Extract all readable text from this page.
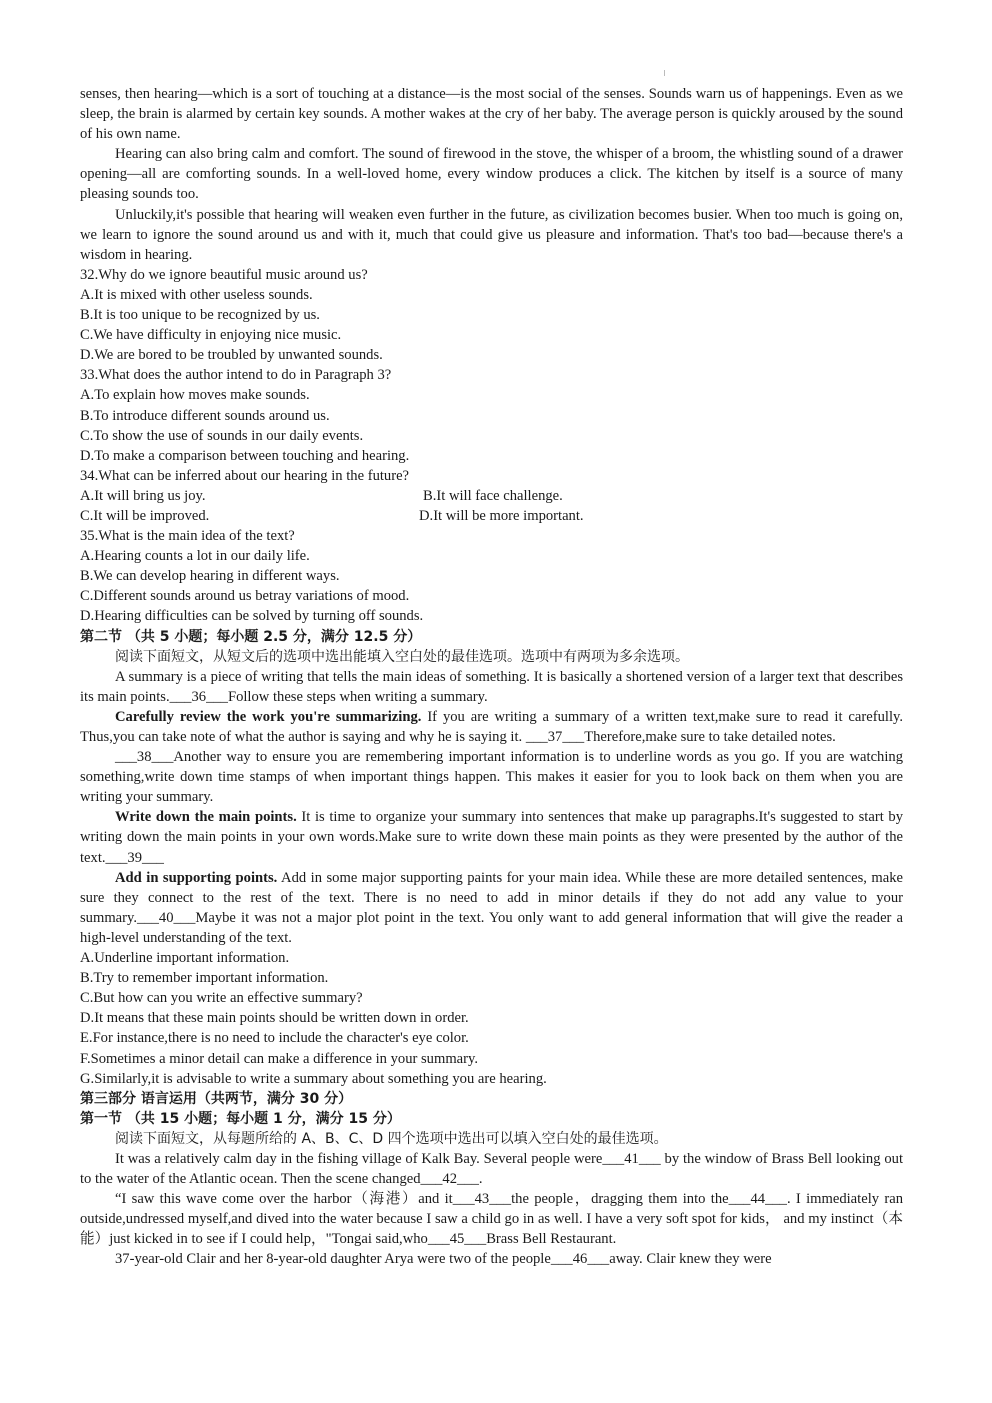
senses, then hearing—which is a sort of touching at a distance—is the most social of the senses. Sounds warn us of happenings. Even as we sleep, the brain is alarmed by certain key sounds. A mother wakes at the cry of her baby. The average person is quickly aroused by the sound of his own name.

Hearing can also bring calm and comfort. The sound of firewood in the stove, the whisper of a broom, the whistling sound of a drawer opening—all are comforting sounds. In a well-loved home, every window produces a click. The kitchen by itself is a source of many pleasing sounds too.

Unluckily,it's possible that hearing will weaken even further in the future, as civilization becomes busier. When too much is going on, we learn to ignore the sound around us and with it, much that could give us pleasure and information. That's too bad—because there's a wisdom in hearing.

32.Why do we ignore beautiful music around us?

A.It is mixed with other useless sounds.

B.It is too unique to be recognized by us.

C.We have difficulty in enjoying nice music.

D.We are bored to be troubled by unwanted sounds.

33.What does the author intend to do in Paragraph 3?

A.To explain how moves make sounds.

B.To introduce different sounds around us.

C.To show the use of sounds in our daily events.

D.To make a comparison between touching and hearing.

34.What can be inferred about our hearing in the future?

A.It will bring us joy.	B.It will face challenge.
C.It will be improved.	D.It will be more important.

35.What is the main idea of the text?

A.Hearing counts a lot in our daily life.

B.We can develop hearing in different ways.

C.Different sounds around us betray variations of mood.

D.Hearing difficulties can be solved by turning off sounds.

第二节 （共 5 小题；每小题 2.5 分，满分 12.5 分）

阅读下面短文，从短文后的选项中选出能填入空白处的最佳选项。选项中有两项为多余选项。

A summary is a piece of writing that tells the main ideas of something. It is basically a shortened version of a larger text that describes its main points.___36___Follow these steps when writing a summary.

Carefully review the work you're summarizing. If you are writing a summary of a written text,make sure to read it carefully. Thus,you can take note of what the author is saying and why he is saying it. ___37___Therefore,make sure to take detailed notes.

___38___Another way to ensure you are remembering important information is to underline words as you go. If you are watching something,write down time stamps of when important things happen. This makes it easier for you to look back on them when you are writing your summary.

Write down the main points. It is time to organize your summary into sentences that make up paragraphs.It's suggested to start by writing down the main points in your own words.Make sure to write down these main points as they were presented by the author of the text.___39___

Add in supporting points. Add in some major supporting paints for your main idea. While these are more detailed sentences, make sure they connect to the rest of the text. There is no need to add in minor details if they do not add any value to your summary.___40___Maybe it was not a major plot point in the text. You only want to add general information that will give the reader a high-level understanding of the text.

A.Underline important information.

B.Try to remember important information.

C.But how can you write an effective summary?

D.It means that these main points should be written down in order.

E.For instance,there is no need to include the character's eye color.

F.Sometimes a minor detail can make a difference in your summary.

G.Similarly,it is advisable to write a summary about something you are hearing.

第三部分 语言运用（共两节，满分 30 分）

第一节 （共 15 小题；每小题 1 分，满分 15 分）

阅读下面短文，从每题所给的 A、B、C、D 四个选项中选出可以填入空白处的最佳选项。

It was a relatively calm day in the fishing village of Kalk Bay. Several people were___41___ by the window of Brass Bell looking out to the water of the Atlantic ocean. Then the scene changed___42___.

“I saw this wave come over the harbor（海港）and it___43___the people，dragging them into the___44___. I immediately ran outside,undressed myself,and dived into the water because I saw a child go in as well. I have a very soft spot for kids， and my instinct（本能）just kicked in to see if I could help，"Tongai said,who___45___Brass Bell Restaurant.

37-year-old Clair and her 8-year-old daughter Arya were two of the people___46___away. Clair knew they were
